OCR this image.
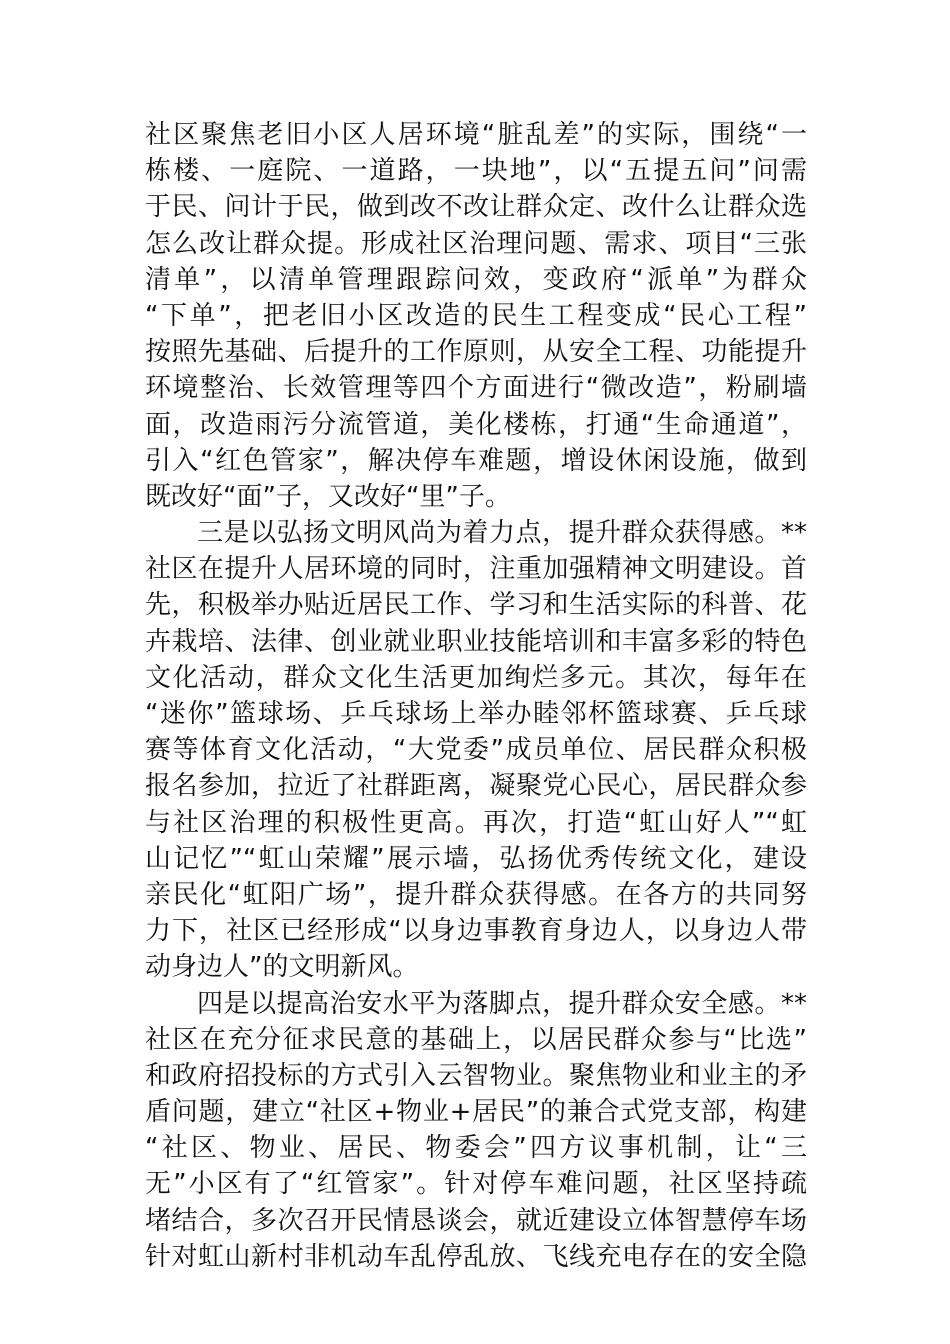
社区聚焦老旧小区人居环境“脏乱差”的实际，围绕“一
栋楼、一庭院、一道路，一块地”，以“五提五问”问需
于民、问计于民，做到改不改让群众定、改什么让群众选
怎么改让群众提。形成社区治理问题、需求、项目“三张
清单”，以清单管理跟踪问效，变政府“派单”为群众
“下单”，把老旧小区改造的民生工程变成“民心工程”
按照先基础、后提升的工作原则，从安全工程、功能提升
环境整治、长效管理等四个方面进行“微改造”，粉刷墙
面，改造雨污分流管道，美化楼栋，打通“生命通道”，
引入“红色管家”，解决停车难题，增设休闲设施，做到
既改好“面”子，又改好“里”子。
三是以弘扬文明风尚为着力点，提升群众获得感。**
社区在提升人居环境的同时，注重加强精神文明建设。首
先，积极举办贴近居民工作、学习和生活实际的科普、花
卉栽培、法律、创业就业职业技能培训和丰富多彩的特色
文化活动，群众文化生活更加绚烂多元。其次，每年在
“迷你”篮球场、乒乓球场上举办睦邻杯篮球赛、乒乓球
赛等体育文化活动，“大党委”成员单位、居民群众积极
报名参加，拉近了社群距离，凝聚党心民心，居民群众参
与社区治理的积极性更高。再次，打造“虹山好人”“虹
山记忆”“虹山荣耀”展示墙，弘扬优秀传统文化，建设
亲民化“虹阳广场”，提升群众获得感。在各方的共同努
力下，社区已经形成“以身边事教育身边人，以身边人带
动身边人”的文明新风。
四是以提高治安水平为落脚点，提升群众安全感。**
社区在充分征求民意的基础上，以居民群众参与“比选”
和政府招投标的方式引入云智物业。聚焦物业和业主的矛
盾问题，建立“社区+物业+居民”的兼合式党支部，构建
“社区、物业、居民、物委会”四方议事机制，让“三
无”小区有了“红管家”。针对停车难问题，社区坚持疏
堵结合，多次召开民情恳谈会，就近建设立体智慧停车场
针对虹山新村非机动车乱停乱放、飞线充电存在的安全隐
